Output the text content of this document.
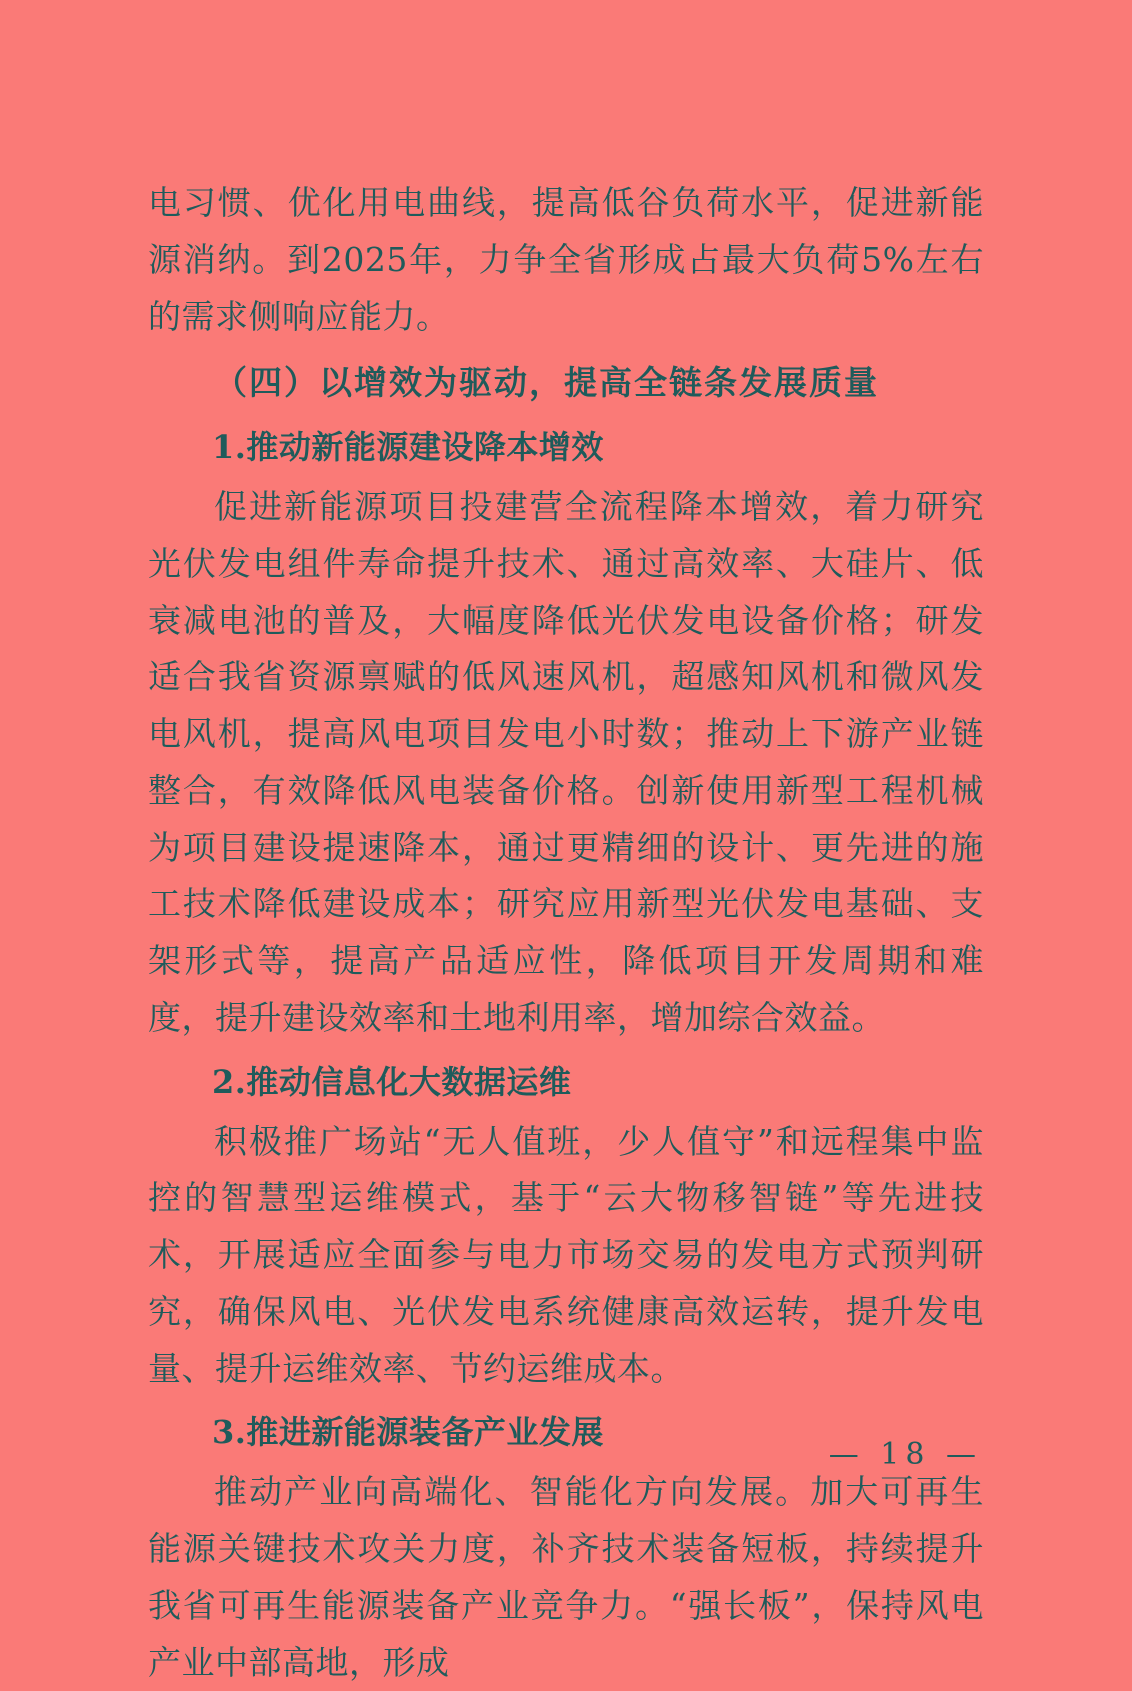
电习惯、优化用电曲线，提高低谷负荷水平，促进新能源消纳。到2025年，力争全省形成占最大负荷5%左右的需求侧响应能力。

（四）以增效为驱动，提高全链条发展质量

1.推动新能源建设降本增效

促进新能源项目投建营全流程降本增效，着力研究光伏发电组件寿命提升技术、通过高效率、大硅片、低衰减电池的普及，大幅度降低光伏发电设备价格；研发适合我省资源禀赋的低风速风机，超感知风机和微风发电风机，提高风电项目发电小时数；推动上下游产业链整合，有效降低风电装备价格。创新使用新型工程机械为项目建设提速降本，通过更精细的设计、更先进的施工技术降低建设成本；研究应用新型光伏发电基础、支架形式等，提高产品适应性，降低项目开发周期和难度，提升建设效率和土地利用率，增加综合效益。

2.推动信息化大数据运维

积极推广场站“无人值班，少人值守”和远程集中监控的智慧型运维模式，基于“云大物移智链”等先进技术，开展适应全面参与电力市场交易的发电方式预判研究，确保风电、光伏发电系统健康高效运转，提升发电量、提升运维效率、节约运维成本。

3.推进新能源装备产业发展

推动产业向高端化、智能化方向发展。加大可再生能源关键技术攻关力度，补齐技术装备短板，持续提升我省可再生能源装备产业竞争力。“强长板”，保持风电产业中部高地，形成

— 18 —
